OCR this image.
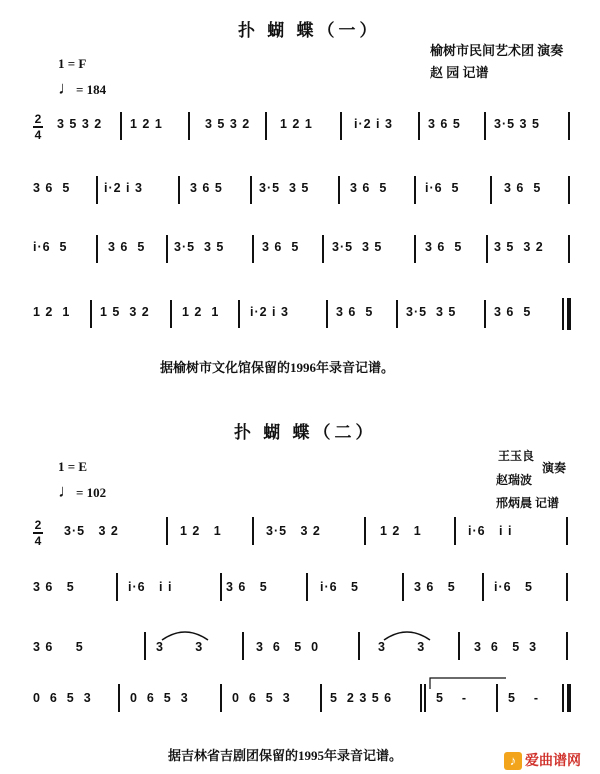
扑 蝴 蝶（一）
榆树市民间艺术团 演奏
赵 园 记谱
1 = F
♩= 184
2
4
3 5 3 2 1 2 1	3 5 3 2 1 2 1	i·2 i 3	3 6 5	3·5 3 5
3 6  5	i·2 i 3	3 6 5	3·5  3 5	3 6  5	i·6  5	3 6  5
i·6  5	3 6  5 3·5  3 5	3 6  5	3·5  3 5	3 6  5	3 5  3 2
1 2  1 1 5  3 2	1 2  1 i·2 i 3	3 6  5	3·5  3 5	3 6  5
据榆树市文化馆保留的1996年录音记谱。
扑 蝴 蝶（二）
王玉良
赵瑞波
演奏
邢炳晨 记谱
1 = E
♩= 102
2
4
3·5   3 2	1 2   1	3·5   3 2	1 2   1	i·6   i i
3 6   5	i·6   i i	3 6   5	i·6   5	3 6   5	i·6   5
3 6     5	3       3	3  6   5  0	3       3	3  6   5  3
0  6  5  3	0  6  5  3	0  6  5  3	5  2 3 5 6	5    -	5    -
据吉林省吉剧团保留的1995年录音记谱。	♪ 爱曲谱网
